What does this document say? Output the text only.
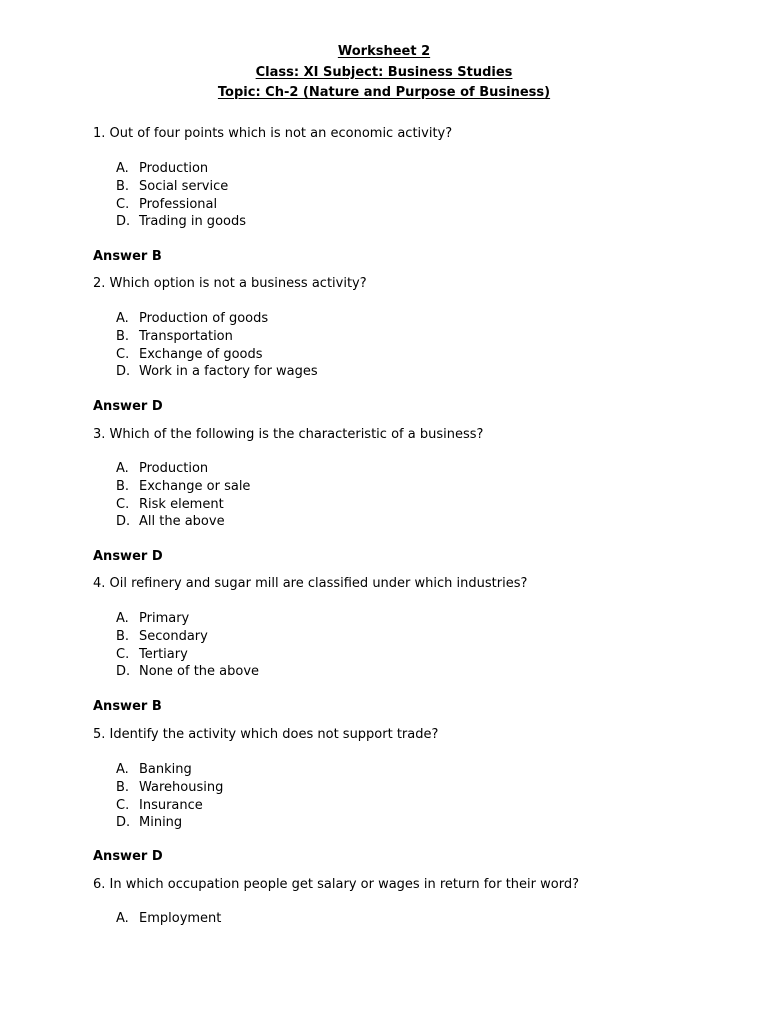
Worksheet 2
Class: XI Subject: Business Studies
Topic: Ch-2 (Nature and Purpose of Business)
1. Out of four points which is not an economic activity?
A. Production
B. Social service
C. Professional
D. Trading in goods
Answer B
2. Which option is not a business activity?
A. Production of goods
B. Transportation
C. Exchange of goods
D. Work in a factory for wages
Answer D
3. Which of the following is the characteristic of a business?
A. Production
B. Exchange or sale
C. Risk element
D. All the above
Answer D
4. Oil refinery and sugar mill are classified under which industries?
A. Primary
B. Secondary
C. Tertiary
D. None of the above
Answer B
5. Identify the activity which does not support trade?
A. Banking
B. Warehousing
C. Insurance
D. Mining
Answer D
6. In which occupation people get salary or wages in return for their word?
A. Employment
